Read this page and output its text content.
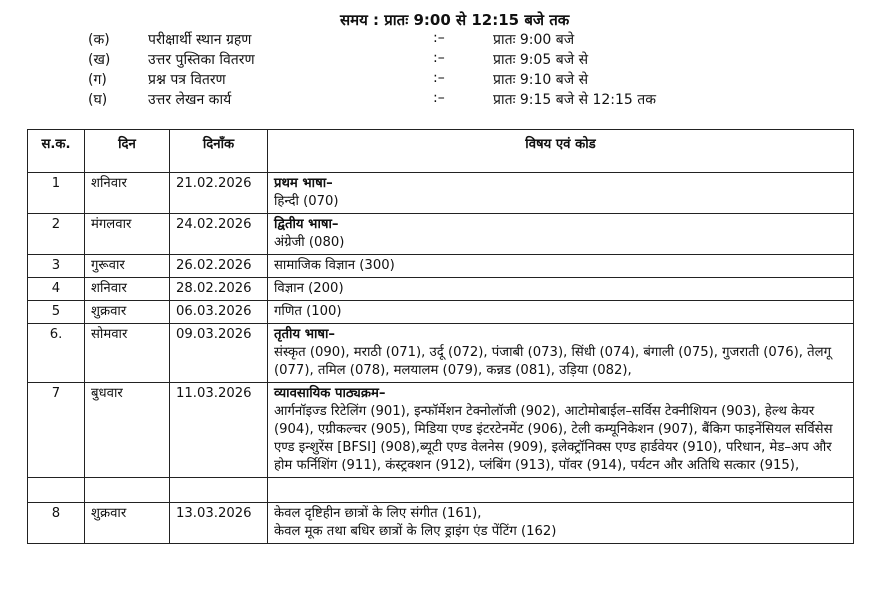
समय : प्रातः 9:00 से 12:15 बजे तक
(क)	परीक्षार्थी स्थान ग्रहण	:–	प्रातः 9:00 बजे
(ख)	उत्तर पुस्तिका वितरण	:–	प्रातः 9:05 बजे से
(ग)	प्रश्न पत्र वितरण	:–	प्रातः 9:10 बजे से
(घ)	उत्तर लेखन कार्य	:–	प्रातः 9:15 बजे से 12:15 तक
स.क.	दिन	दिनाँक	विषय एवं कोड
1	शनिवार	21.02.2026	प्रथम भाषा–
हिन्दी (070)

2	मंगलवार	24.02.2026	द्वितीय भाषा–
अंग्रेजी (080)

3	गुरूवार	26.02.2026	सामाजिक विज्ञान (300)

4	शनिवार	28.02.2026	विज्ञान (200)

5	शुक्रवार	06.03.2026	गणित (100)

6.	सोमवार	09.03.2026	तृतीय भाषा–
संस्कृत (090), मराठी (071), उर्दू (072), पंजाबी (073), सिंधी (074), बंगाली (075), गुजराती (076), तेलगू (077), तमिल (078), मलयालम (079), कन्नड (081), उड़िया (082),

7	बुधवार	11.03.2026	व्यावसायिक पाठ्यक्रम–
आर्गनॉइज्ड रिटेलिंग (901), इन्फॉर्मेशन टेक्नोलॉजी (902), आटोमोबाईल–सर्विस टेक्नीशियन (903), हेल्थ केयर (904), एग्रीकल्चर (905), मिडिया एण्ड इंटरटेनमेंट (906), टेली कम्यूनिकेशन (907), बैंकिग फाइनेंसियल सर्विसेस एण्ड इन्शुरेंस [BFSI] (908),ब्यूटी एण्ड वेलनेस (909), इलेक्ट्रॉनिक्स एण्ड हार्डवेयर (910), परिधान, मेड–अप और होम फर्निशिंग (911), कंस्ट्रक्शन (912), प्लंबिंग (913), पॉवर (914), पर्यटन और अतिथि सत्कार (915),

8	शुक्रवार	13.03.2026	केवल दृष्टिहीन छात्रों के लिए संगीत (161),
केवल मूक तथा बधिर छात्रों के लिए ड्राइंग एंड पेंटिंग (162)
